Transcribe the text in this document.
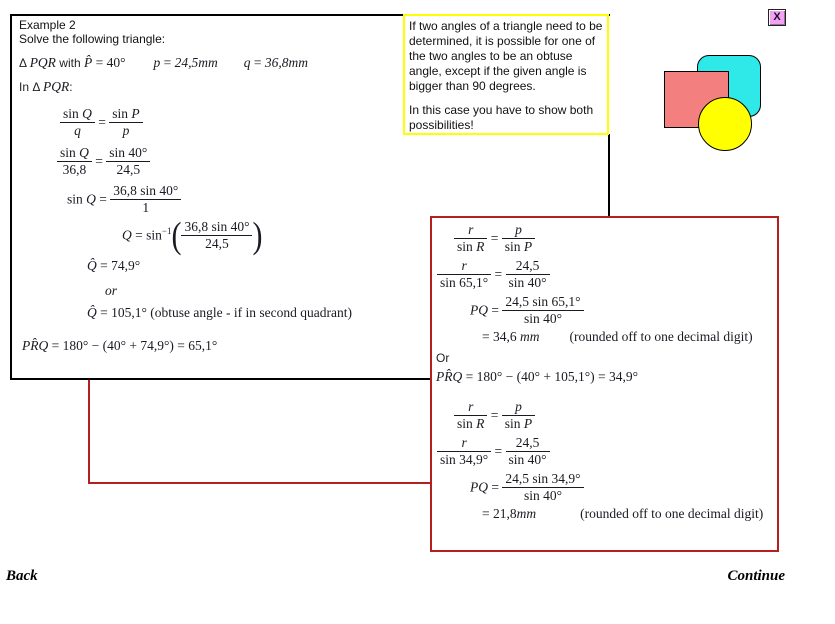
Example 2
Solve the following triangle:
Δ PQR with P̂ = 40° p = 24,5mm q = 36,8mm
In Δ PQR:
$\frac{\text{sin Q}}{q} = \frac{\text{sin P}}{p}$
$\frac{\text{sin Q}}{36,8} = \frac{\sin 40^\circ}{24,5}$
$\sin Q = \frac{36,8 \sin 40^\circ}{1}$
$Q = \sin^{-1}( \frac{36,8 \sin 40^\circ}{24,5}$ )
Q̂ = 74,9°
or
Q̂ = 105,1° (obtuse angle - if in second quadrant)
PR̂Q = 180° − (40° + 74,9°) = 65,1°
$\frac{r}{\text{sin R}} = \frac{p}{\text{sin P}}$
$\frac{r}{\sin 65,1^\circ} = \frac{24,5}{\sin 40^\circ}$
PQ = $\frac{24,5 \sin 65,1^\circ}{\sin 40^\circ}$
= 34,6 mm (rounded off to one decimal digit)
Or
PR̂Q = 180° − (40° + 105,1°) = 34,9°
$\frac{r}{\text{sin R}} = \frac{p}{\text{sin P}}$
$\frac{r}{\sin 34,9^\circ} = \frac{24,5}{\sin 40^\circ}$
PQ = $\frac{24,5 \sin 34,9^\circ}{\sin 40^\circ}$
= 21,8mm	(rounded off to one decimal digit)

If two angles of a triangle need to be determined, it is possible for one of the two angles to be an obtuse angle, except if the given angle is bigger than 90 degrees.

In this case you have to show both possibilities!

X
Back	Continue
